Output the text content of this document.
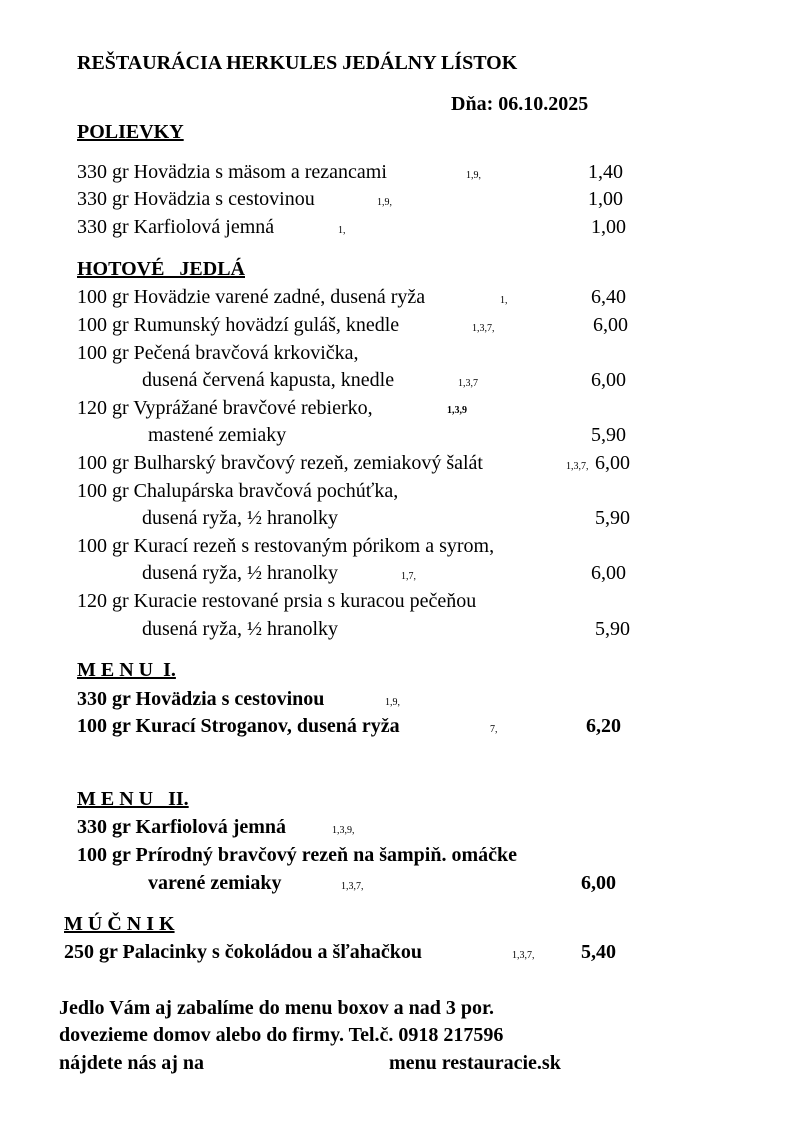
REŠTAURÁCIA HERKULES JEDÁLNY LÍSTOK
Dňa: 06.10.2025
POLIEVKY
330 gr Hovädzia s mäsom a rezancami	1,9,	1,40
330 gr Hovädzia s cestovinou	1,9,	1,00
330 gr Karfiolová jemná	1,	1,00
HOTOVÉ   JEDLÁ
100 gr Hovädzie varené zadné, dusená ryža	1,	6,40
100 gr Rumunský hovädzí guláš, knedle	1,3,7,	6,00
100 gr Pečená bravčová krkovička,
dusená červená kapusta, knedle	1,3,7	6,00
120 gr Vyprážané bravčové rebierko,	1,3,9
mastené zemiaky	5,90
100 gr Bulharský bravčový rezeň, zemiakový šalát	1,3,7, 6,00
100 gr Chalupárska bravčová pochúťka,
dusená ryža, ½ hranolky	5,90
100 gr Kurací rezeň s restovaným pórikom a syrom,
dusená ryža, ½ hranolky	1,7,	6,00
120 gr Kuracie restované prsia s kuracou pečeňou
dusená ryža, ½ hranolky	5,90
M E N U  I.
330 gr Hovädzia s cestovinou	1,9,
100 gr Kurací Stroganov, dusená ryža	7,	6,20
M E N U   II.
330 gr Karfiolová jemná	1,3,9,
100 gr Prírodný bravčový rezeň na šampiň. omáčke
varené zemiaky	1,3,7,	6,00
M Ú Č N I K
250 gr Palacinky s čokoládou a šľahačkou	1,3,7, 5,40
Jedlo Vám aj zabalíme do menu boxov a nad 3 por.
dovezieme domov alebo do firmy. Tel.č. 0918 217596
nájdete nás aj na	menu restauracie.sk
